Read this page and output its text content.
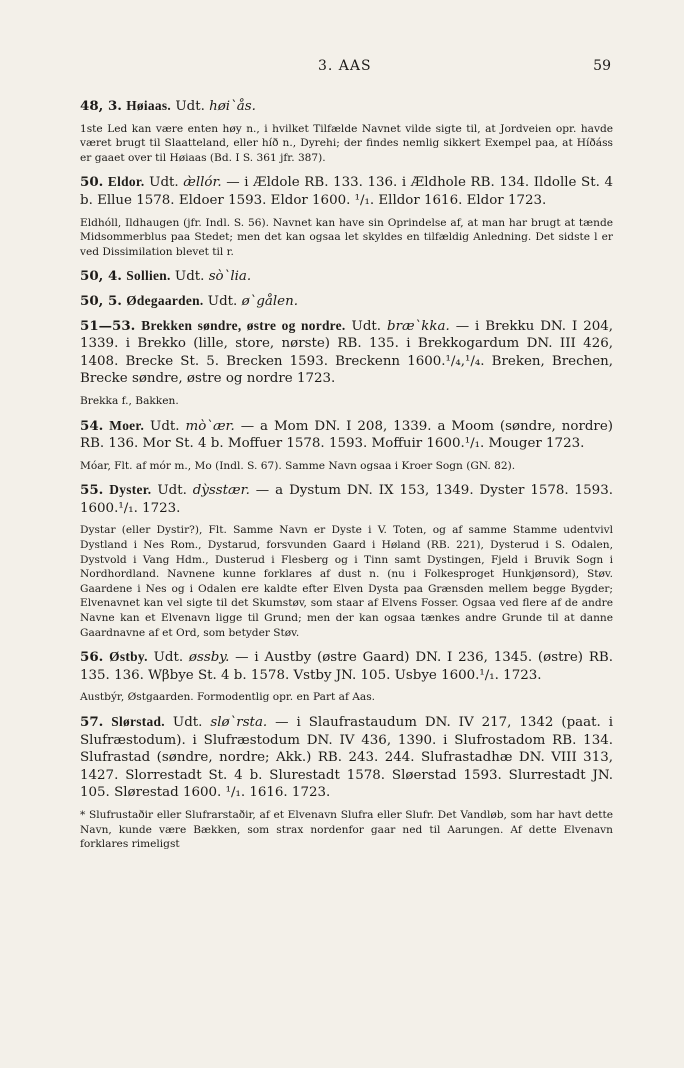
3. AAS	59

48, 3. Høiaas. Udt. høi`ås.

1ste Led kan være enten høy n., i hvilket Tilfælde Navnet vilde sigte til, at Jordveien opr. havde været brugt til Slaatteland, eller híð n., Dyrehi; der findes nemlig sikkert Exempel paa, at Híðáss er gaaet over til Høiaas (Bd. I S. 361 jfr. 387).

50. Eldor. Udt. æ̀llór. — i Ældole RB. 133. 136. i Ældhole RB. 134. Ildolle St. 4 b. Ellue 1578. Eldoer 1593. Eldor 1600. ¹/₁. Elldor 1616. Eldor 1723.

Eldhóll, Ildhaugen (jfr. Indl. S. 56). Navnet kan have sin Oprindelse af, at man har brugt at tænde Midsommerblus paa Stedet; men det kan ogsaa let skyldes en tilfældig Anledning. Det sidste l er ved Dissimilation blevet til r.

50, 4. Sollien. Udt. sò`lia.

50, 5. Ødegaarden. Udt. ø`gålen.

51—53. Brekken søndre, østre og nordre. Udt. bræ`kka. — i Brekku DN. I 204, 1339. i Brekko (lille, store, nørste) RB. 135. i Brekkogardum DN. III 426, 1408. Brecke St. 5. Brecken 1593. Breckenn 1600.¹/₄,¹/₄. Breken, Brechen, Brecke søndre, østre og nordre 1723.

Brekka f., Bakken.

54. Moer. Udt. mò`ær. — a Mom DN. I 208, 1339. a Moom (søndre, nordre) RB. 136. Mor St. 4 b. Moffuer 1578. 1593. Moffuir 1600.¹/₁. Mouger 1723.

Móar, Flt. af mór m., Mo (Indl. S. 67). Samme Navn ogsaa i Kroer Sogn (GN. 82).

55. Dyster. Udt. dỳsstær. — a Dystum DN. IX 153, 1349. Dyster 1578. 1593. 1600.¹/₁. 1723.

Dystar (eller Dystir?), Flt. Samme Navn er Dyste i V. Toten, og af samme Stamme udentvivl Dystland i Nes Rom., Dystarud, forsvunden Gaard i Høland (RB. 221), Dysterud i S. Odalen, Dystvold i Vang Hdm., Dusterud i Flesberg og i Tinn samt Dystingen, Fjeld i Bruvik Sogn i Nordhordland. Navnene kunne forklares af dust n. (nu i Folkesproget Hunkjønsord), Støv. Gaardene i Nes og i Odalen ere kaldte efter Elven Dysta paa Grænsden mellem begge Bygder; Elvenavnet kan vel sigte til det Skumstøv, som staar af Elvens Fosser. Ogsaa ved flere af de andre Navne kan et Elvenavn ligge til Grund; men der kan ogsaa tænkes andre Grunde til at danne Gaardnavne af et Ord, som betyder Støv.

56. Østby. Udt. øssby. — i Austby (østre Gaard) DN. I 236, 1345. (østre) RB. 135. 136. Wβbye St. 4 b. 1578. Vstby JN. 105. Usbye 1600.¹/₁. 1723.

Austbýr, Østgaarden. Formodentlig opr. en Part af Aas.

57. Slørstad. Udt. slø`rsta. — i Slaufrastaudum DN. IV 217, 1342 (paat. i Slufræstodum). i Slufræstodum DN. IV 436, 1390. i Slufrostadom RB. 134. Slufrastad (søndre, nordre; Akk.) RB. 243. 244. Slufrastadhæ DN. VIII 313, 1427. Slorrestadt St. 4 b. Slurestadt 1578. Sløerstad 1593. Slurrestadt JN. 105. Slørestad 1600. ¹/₁. 1616. 1723.

* Slufrustaðir eller Slufrarstaðir, af et Elvenavn Slufra eller Slufr. Det Vandløb, som har havt dette Navn, kunde være Bækken, som strax nordenfor gaar ned til Aarungen. Af dette Elvenavn forklares rimeligst
